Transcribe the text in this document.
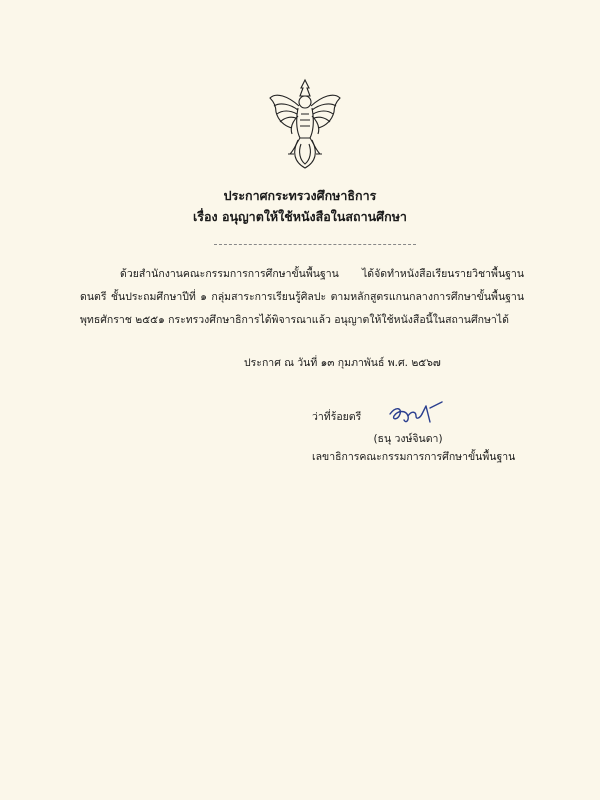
ประกาศกระทรวงศึกษาธิการ
เรื่อง อนุญาตให้ใช้หนังสือในสถานศึกษา

ด้วยสำนักงานคณะกรรมการการศึกษาขั้นพื้นฐาน ได้จัดทำหนังสือเรียนรายวิชาพื้นฐาน ดนตรี ชั้นประถมศึกษาปีที่ ๑ กลุ่มสาระการเรียนรู้ศิลปะ ตามหลักสูตรแกนกลางการศึกษาขั้นพื้นฐาน พุทธศักราช ๒๕๕๑ กระทรวงศึกษาธิการได้พิจารณาแล้ว อนุญาตให้ใช้หนังสือนี้ในสถานศึกษาได้

ประกาศ ณ วันที่ ๑๓ กุมภาพันธ์ พ.ศ. ๒๕๖๗
ว่าที่ร้อยตรี
(ธนุ วงษ์จินดา)
เลขาธิการคณะกรรมการการศึกษาขั้นพื้นฐาน
